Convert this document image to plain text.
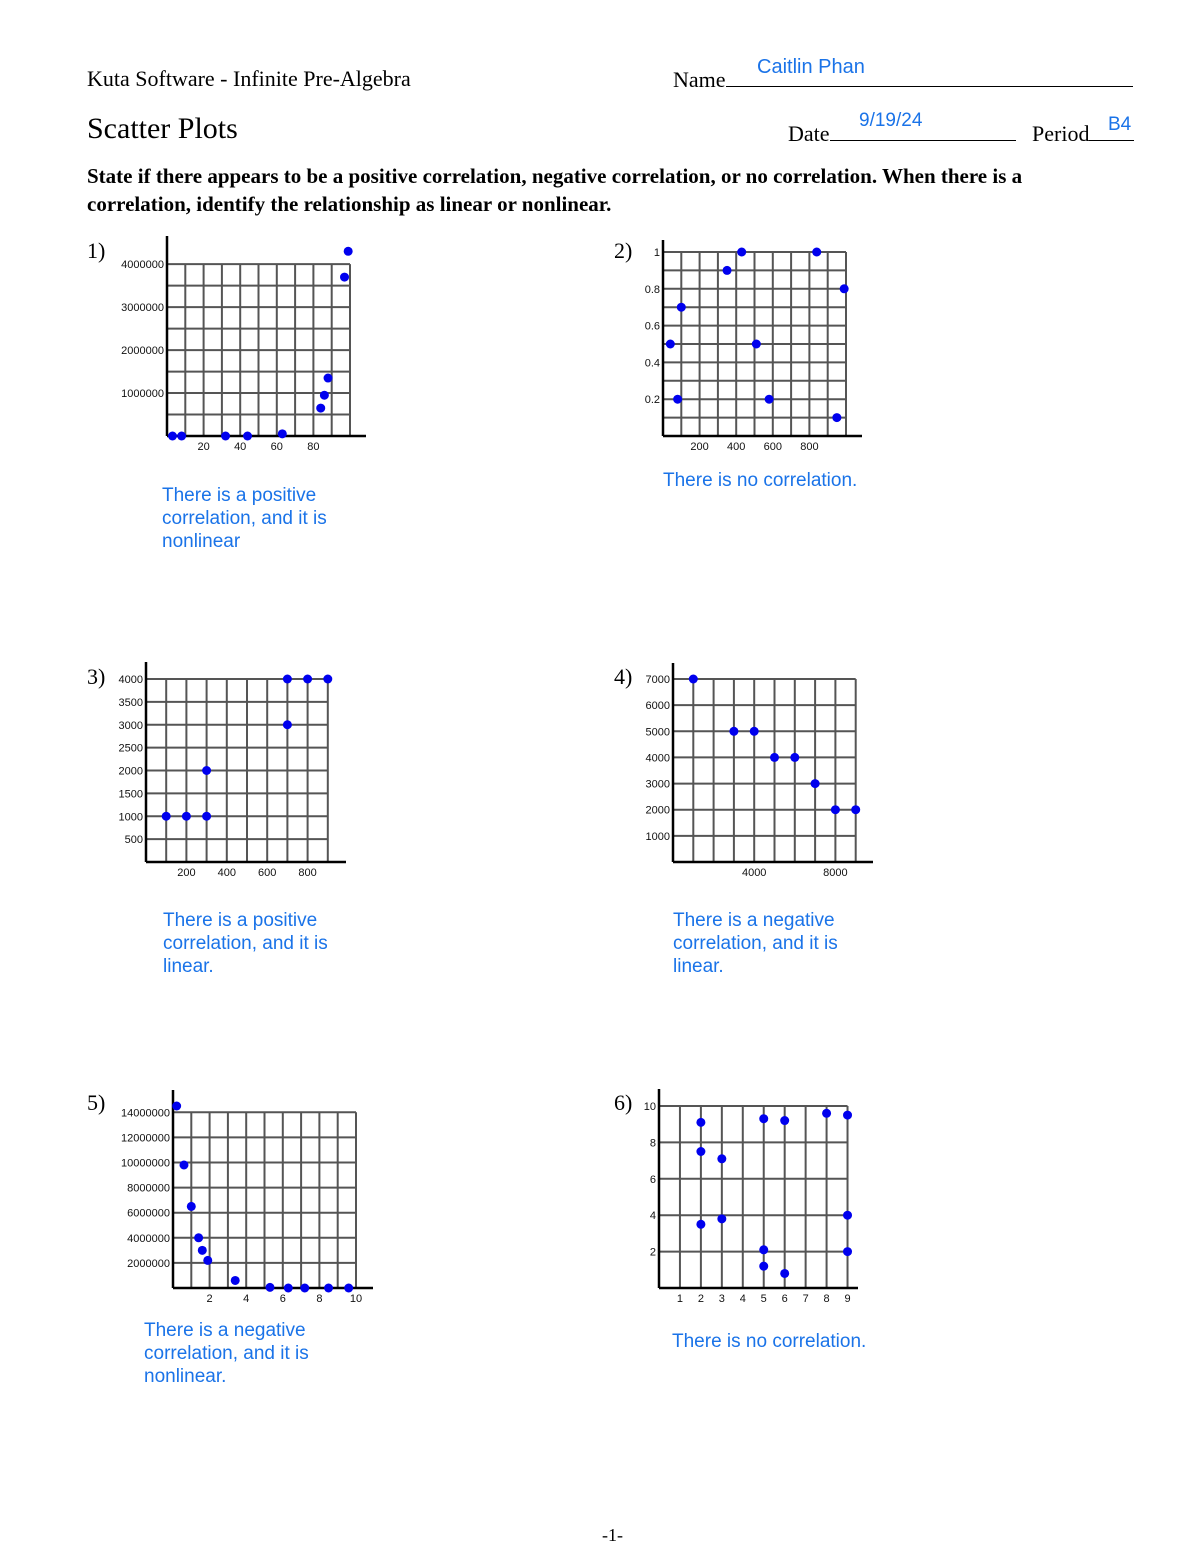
Kuta Software - Infinite Pre-Algebra	Name	Caitlin Phan
Scatter Plots	Date
9/19/24
Period B4
State if there appears to be a positive correlation, negative correlation, or no correlation. When there is a correlation, identify the relationship as linear or nonlinear.
1)	2)
3)	4)
5)	6)
20 40 60 80
1000000
2000000
3000000
4000000
200 400 600 800
0.2
0.4
0.6
0.8
1
200 400 600 800
500
1000
1500
2000
2500
3000
3500
4000
4000	8000
1000
2000
3000
4000
5000
6000
7000
2	4	6	8 10
2000000
4000000
6000000
8000000
10000000
12000000
14000000
1 2 3 4 5 6 7 8 9
2
4
6
8
10
There is a positive correlation, and it is nonlinear
There is no correlation.
There is a positive correlation, and it is linear.
There is a negative correlation, and it is linear.
There is a negative correlation, and it is nonlinear.
There is no correlation.
-1-
